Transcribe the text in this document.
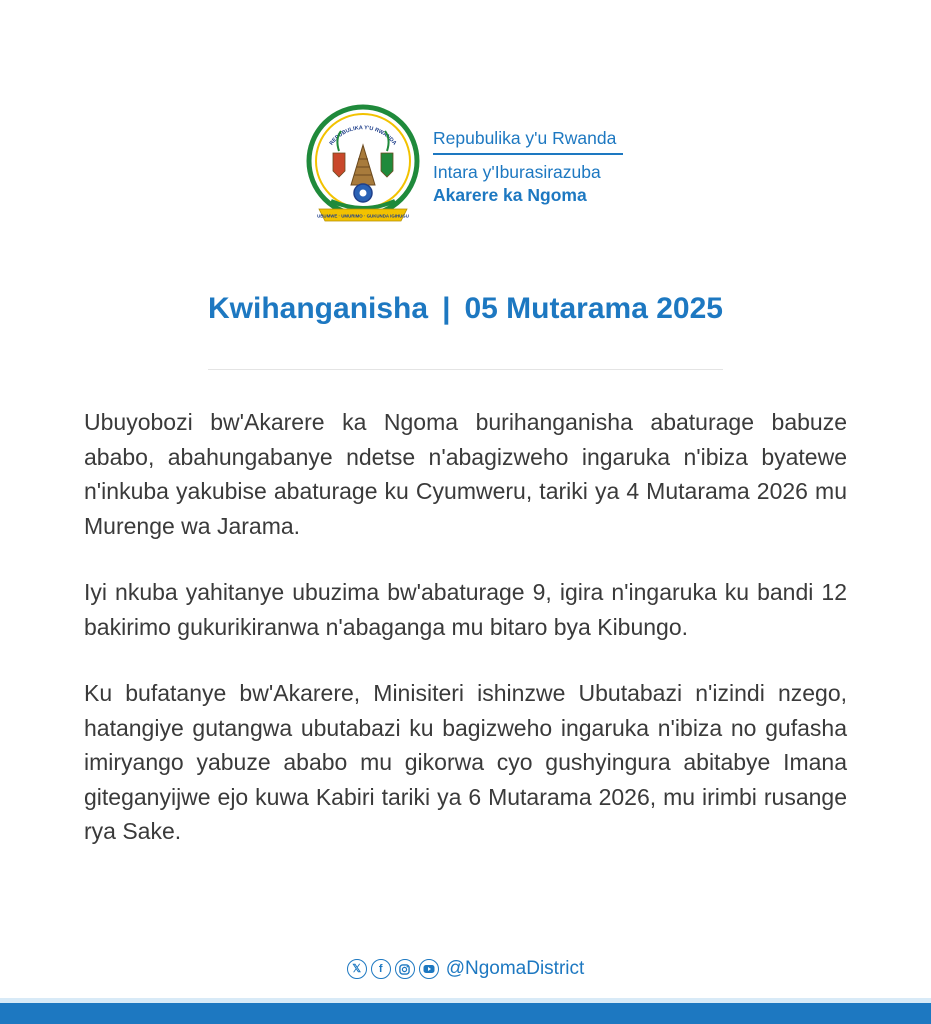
REPUBULIKA Y'U RWANDA
UBUMWE · UMURIMO · GUKUNDA IGIHUGU
Repubulika y'u Rwanda
Intara y'Iburasirazuba
Akarere ka Ngoma
Kwihanganisha | 05 Mutarama 2025

Ubuyobozi bw'Akarere ka Ngoma burihanganisha abaturage babuze ababo, abahungabanye ndetse n'abagizweho ingaruka n'ibiza byatewe n'inkuba yakubise abaturage ku Cyumweru, tariki ya 4 Mutarama 2026 mu Murenge wa Jarama.

Iyi nkuba yahitanye ubuzima bw'abaturage 9, igira n'ingaruka ku bandi 12 bakirimo gukurikiranwa n'abaganga mu bitaro bya Kibungo.

Ku bufatanye bw'Akarere, Minisiteri ishinzwe Ubutabazi n'izindi nzego, hatangiye gutangwa ubutabazi ku bagizweho ingaruka n'ibiza no gufasha imiryango yabuze ababo mu gikorwa cyo gushyingura abitabye Imana giteganyijwe ejo kuwa Kabiri tariki ya 6 Mutarama 2026, mu irimbi rusange rya Sake.

𝕏	f	@NgomaDistrict
